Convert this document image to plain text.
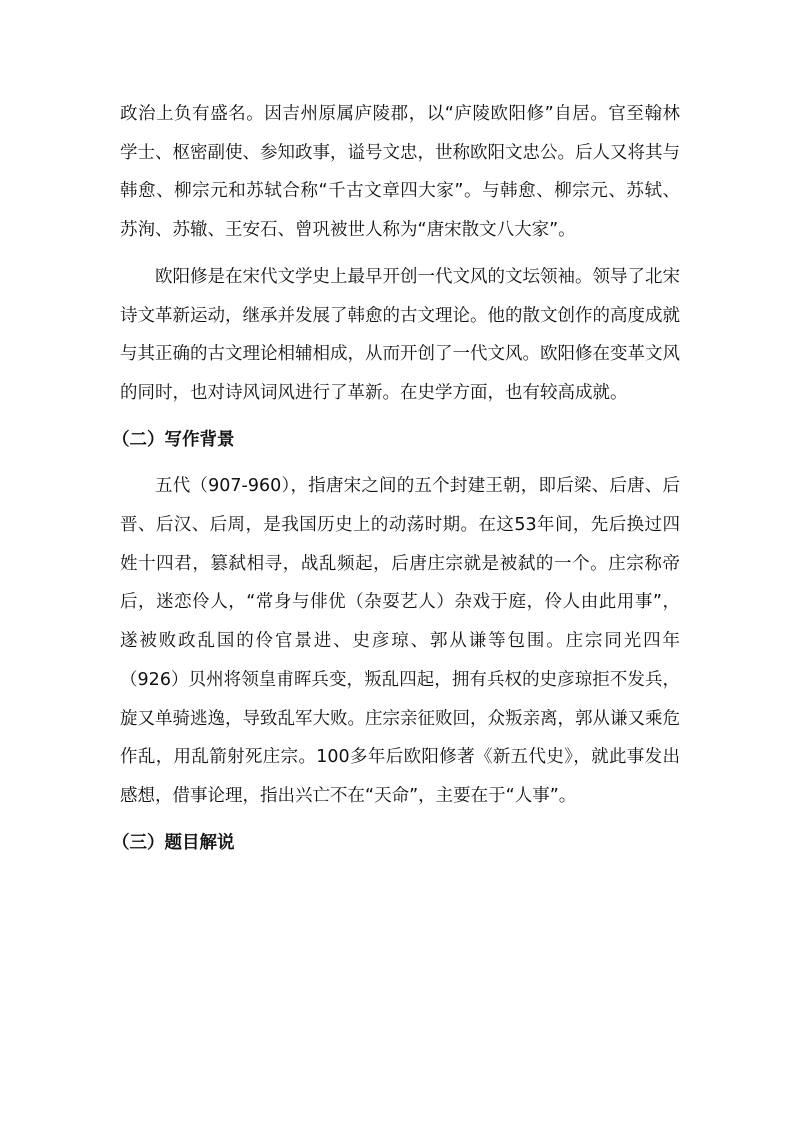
政治上负有盛名。因吉州原属庐陵郡，以“庐陵欧阳修”自居。官至翰林学士、枢密副使、参知政事，谥号文忠，世称欧阳文忠公。后人又将其与韩愈、柳宗元和苏轼合称“千古文章四大家”。与韩愈、柳宗元、苏轼、苏洵、苏辙、王安石、曾巩被世人称为“唐宋散文八大家”。

欧阳修是在宋代文学史上最早开创一代文风的文坛领袖。领导了北宋诗文革新运动，继承并发展了韩愈的古文理论。他的散文创作的高度成就与其正确的古文理论相辅相成，从而开创了一代文风。欧阳修在变革文风的同时，也对诗风词风进行了革新。在史学方面，也有较高成就。

（二）写作背景

五代（907-960），指唐宋之间的五个封建王朝，即后梁、后唐、后晋、后汉、后周，是我国历史上的动荡时期。在这53年间，先后换过四姓十四君，篡弑相寻，战乱频起，后唐庄宗就是被弑的一个。庄宗称帝后，迷恋伶人，“常身与俳优（杂耍艺人）杂戏于庭，伶人由此用事”，遂被败政乱国的伶官景进、史彦琼、郭从谦等包围。庄宗同光四年（926）贝州将领皇甫晖兵变，叛乱四起，拥有兵权的史彦琼拒不发兵，旋又单骑逃逸，导致乱军大败。庄宗亲征败回，众叛亲离，郭从谦又乘危作乱，用乱箭射死庄宗。100多年后欧阳修著《新五代史》，就此事发出感想，借事论理，指出兴亡不在“天命”，主要在于“人事”。

（三）题目解说
